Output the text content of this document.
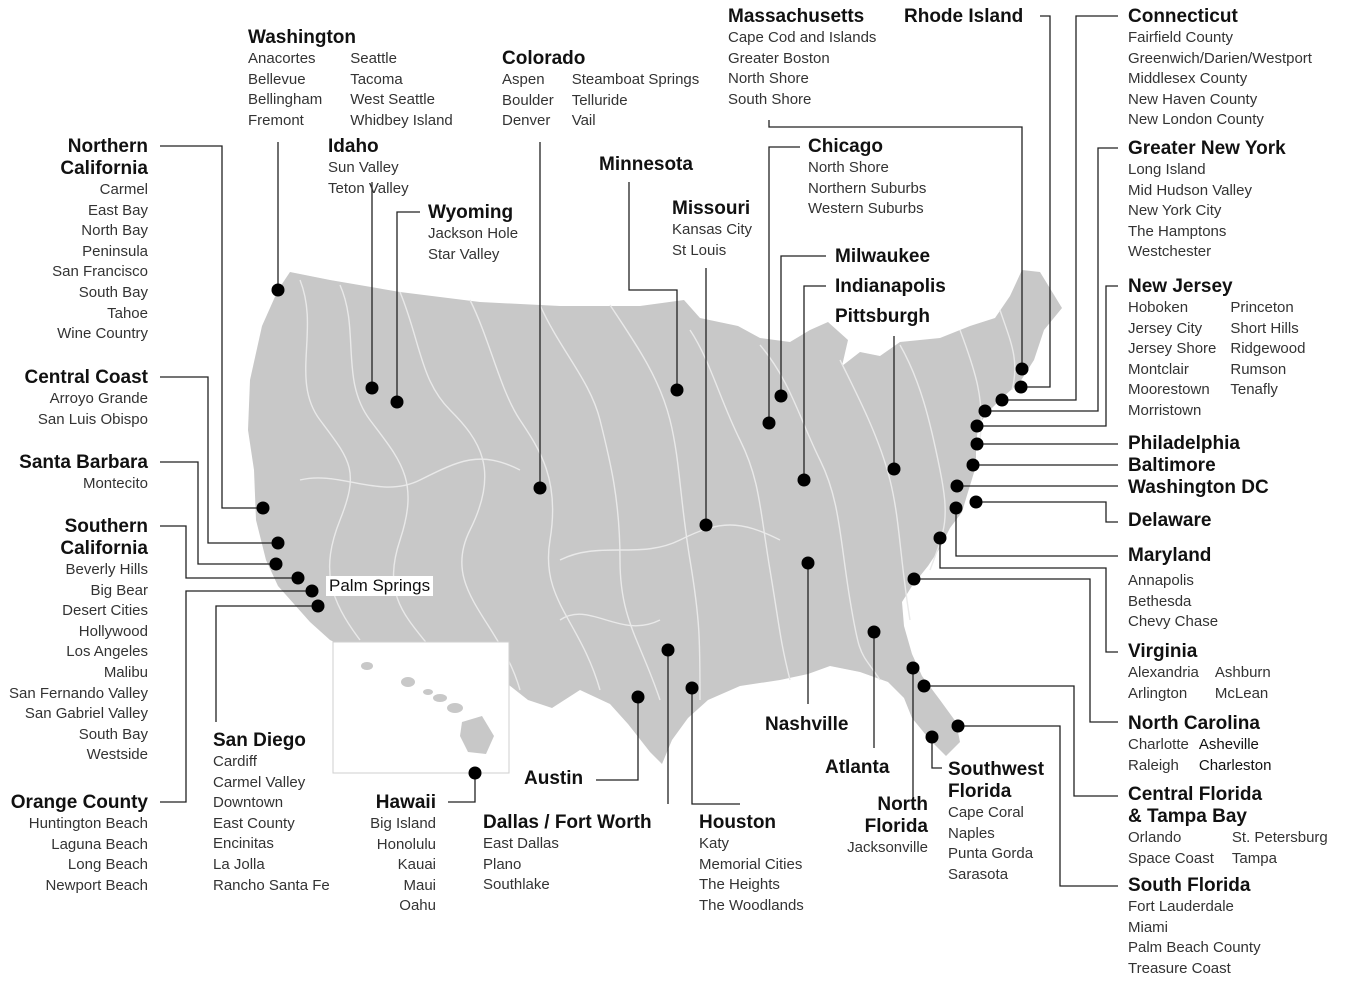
Washington
Anacortes
Bellevue
Bellingham
Fremont
Seattle
Tacoma
West Seattle
Whidbey Island
Colorado
Aspen
Boulder
Denver
Steamboat Springs
Telluride
Vail
Massachusetts
Cape Cod and Islands
Greater Boston
North Shore
South Shore
Rhode Island	Connecticut
Fairfield County
Greenwich/Darien/Westport
Middlesex County
New Haven County
New London County
Northern
California
Carmel
East Bay
North Bay
Peninsula
San Francisco
South Bay
Tahoe
Wine Country
Idaho
Sun Valley
Teton Valley
Wyoming
Jackson Hole
Star Valley
Minnesota
Missouri
Kansas City
St Louis
Chicago
North Shore
Northern Suburbs
Western Suburbs
Greater New York
Long Island
Mid Hudson Valley
New York City
The Hamptons
Westchester
Milwaukee
Indianapolis
Pittsburgh
New Jersey
Hoboken
Jersey City
Jersey Shore
Montclair
Moorestown
Morristown
Princeton
Short Hills
Ridgewood
Rumson
Tenafly
Central Coast
Arroyo Grande
San Luis Obispo
Santa Barbara
Montecito
Southern
California
Beverly Hills
Big Bear
Desert Cities
Hollywood
Los Angeles
Malibu
San Fernando Valley
San Gabriel Valley
South Bay
Westside
Palm Springs
Philadelphia
Baltimore
Washington DC
Delaware
Maryland
Annapolis
Bethesda
Chevy Chase
Virginia
Alexandria
Arlington
Ashburn
McLean
North Carolina
Charlotte
Raleigh
Asheville
Charleston
San Diego
Cardiff
Carmel Valley
Downtown
East County
Encinitas
La Jolla
Rancho Santa Fe
Hawaii
Big Island
Honolulu
Kauai
Maui
Oahu
Austin
Dallas / Fort Worth
East Dallas
Plano
Southlake
Houston
Katy
Memorial Cities
The Heights
The Woodlands
Nashville
Atlanta
North
Florida
Jacksonville
Southwest
Florida
Cape Coral
Naples
Punta Gorda
Sarasota
Central Florida
& Tampa Bay
Orlando
Space Coast
St. Petersburg
Tampa
Orange County
Huntington Beach
Laguna Beach
Long Beach
Newport Beach	South Florida
Fort Lauderdale
Miami
Palm Beach County
Treasure Coast
